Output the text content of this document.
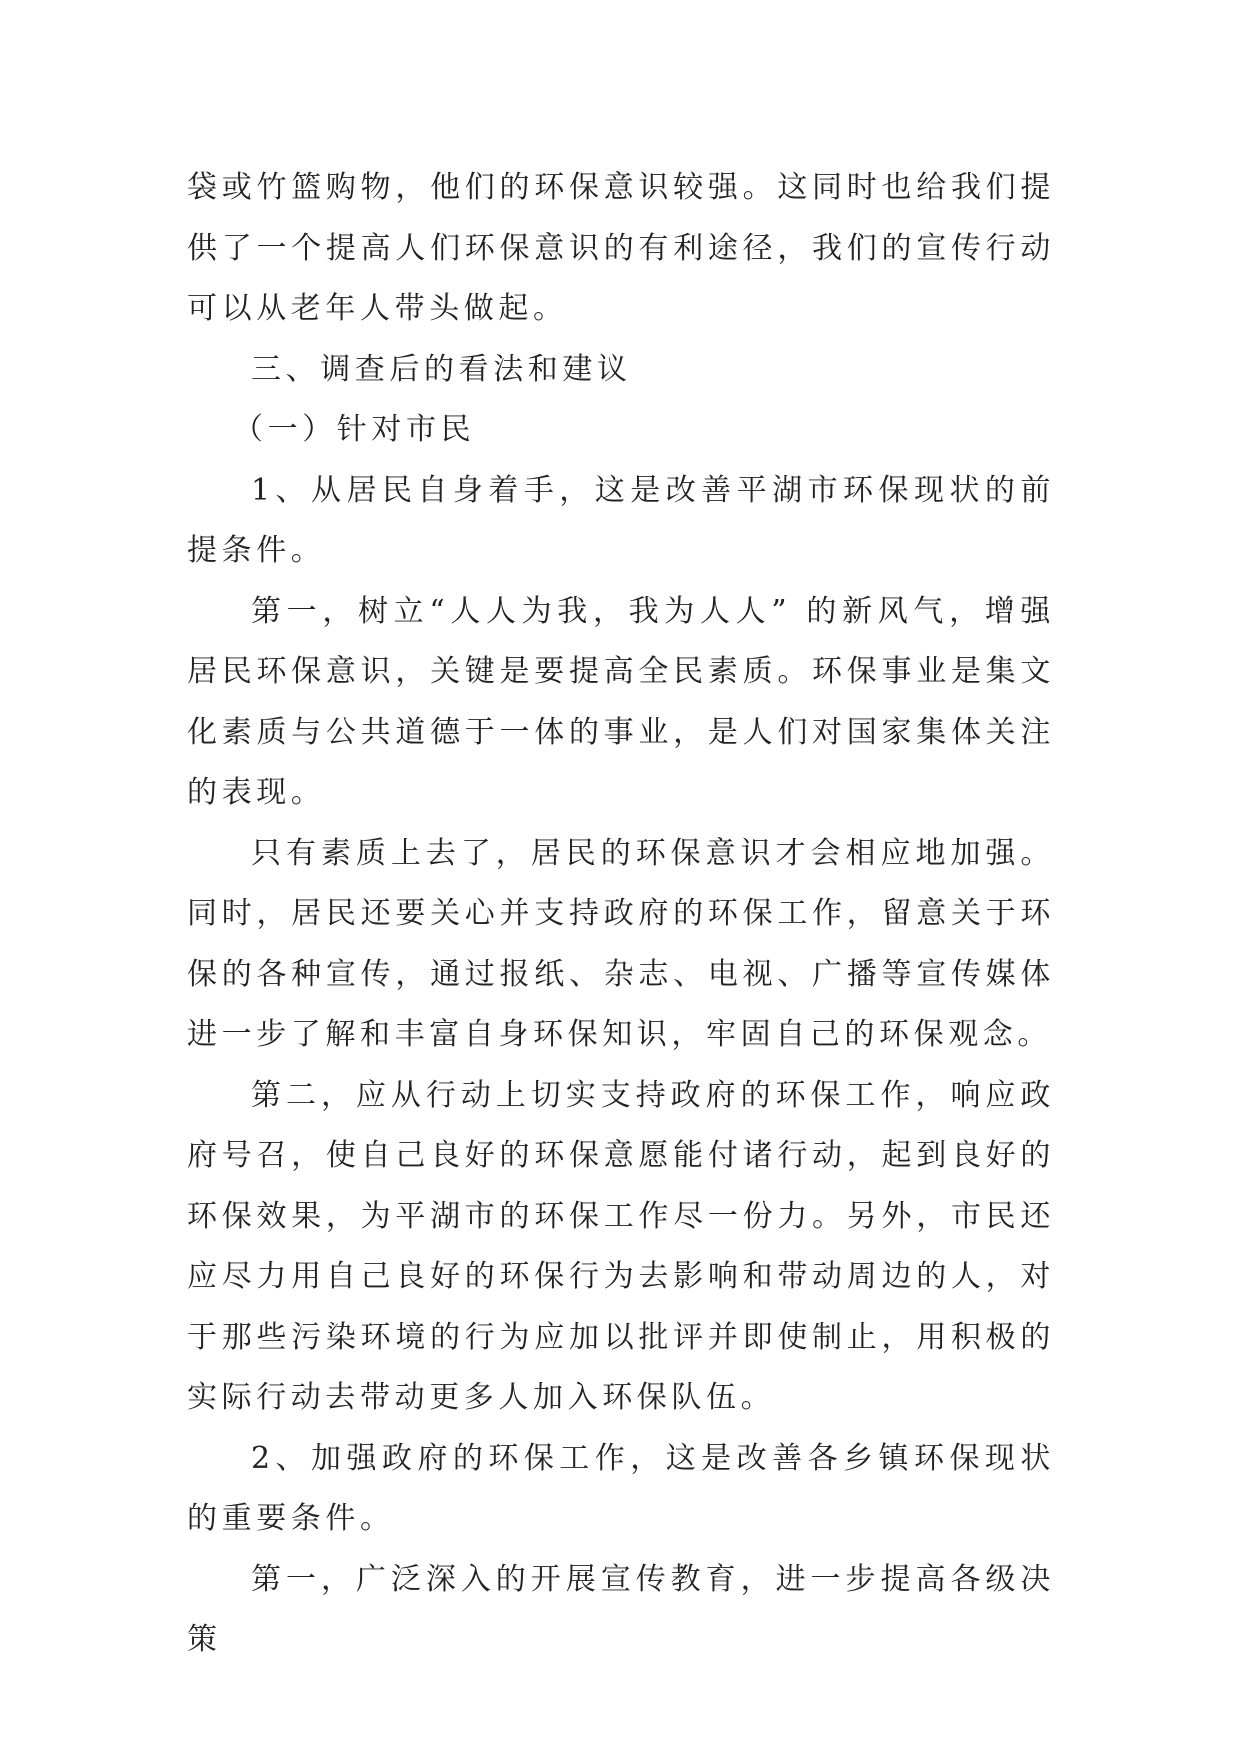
袋或竹篮购物，他们的环保意识较强。这同时也给我们提供了一个提高人们环保意识的有利途径，我们的宣传行动可以从老年人带头做起。

三、调查后的看法和建议

（一）针对市民

1、从居民自身着手，这是改善平湖市环保现状的前提条件。

第一，树立“人人为我，我为人人” 的新风气，增强居民环保意识，关键是要提高全民素质。环保事业是集文化素质与公共道德于一体的事业，是人们对国家集体关注的表现。

只有素质上去了，居民的环保意识才会相应地加强。同时，居民还要关心并支持政府的环保工作，留意关于环保的各种宣传，通过报纸、杂志、电视、广播等宣传媒体进一步了解和丰富自身环保知识，牢固自己的环保观念。

第二，应从行动上切实支持政府的环保工作，响应政府号召，使自己良好的环保意愿能付诸行动，起到良好的环保效果，为平湖市的环保工作尽一份力。另外，市民还应尽力用自己良好的环保行为去影响和带动周边的人，对于那些污染环境的行为应加以批评并即使制止，用积极的实际行动去带动更多人加入环保队伍。

2、加强政府的环保工作，这是改善各乡镇环保现状的重要条件。

第一，广泛深入的开展宣传教育，进一步提高各级决策
